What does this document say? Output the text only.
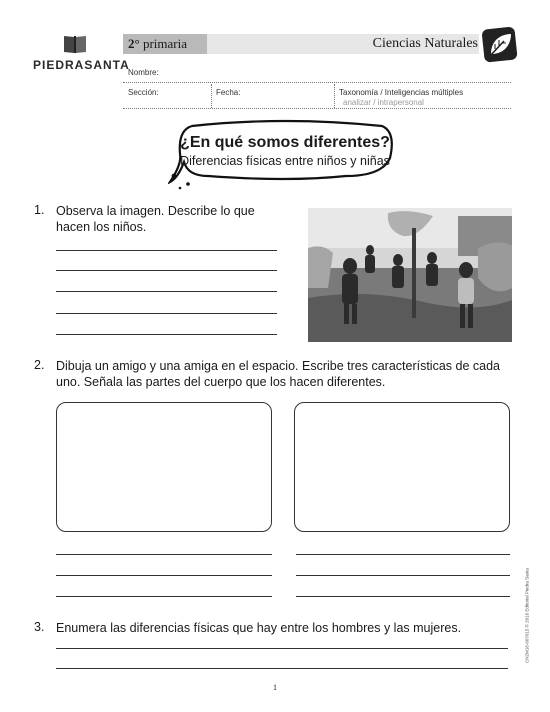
PIEDRASANTA
2° primaria	Ciencias Naturales
Nombre:
Sección:	Fecha:	Taxonomía / Inteligencias múltiples
analizar / intrapersonal
¿En qué somos diferentes?
Diferencias físicas entre niños y niñas
1. Observa la imagen. Describe lo que hacen los niños.
2. Dibuja un amigo y una amiga en el espacio. Escribe tres características de cada uno. Señala las partes del cuerpo que los hacen diferentes.
3. Enumera las diferencias físicas que hay entre los hombres y las mujeres.	CN2M16-607015 © 2016 Editorial Piedra Santa
1
